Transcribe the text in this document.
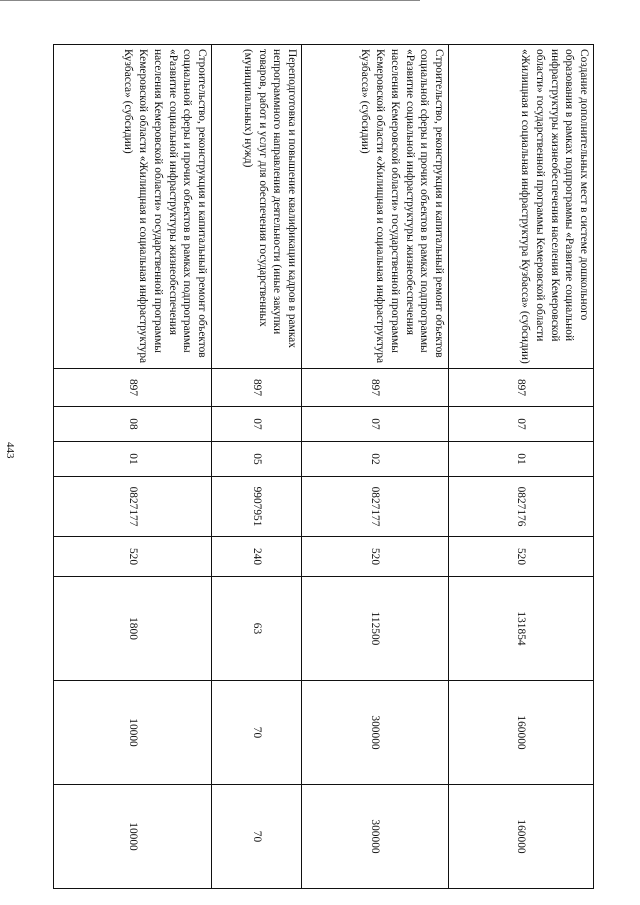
443
Создание дополнительных мест в системе дошкольного образования в рамках подпрограммы «Развитие социальной инфраструктуры жизнеобеспечения населения Кемеровской области» государственной программы Кемеровской области «Жилищная и социальная инфраструктура Кузбасса» (субсидии)	897	07	01	0827176	520	131854	160000	160000
Строительство, реконструкция и капитальный ремонт объектов социальной сферы и прочих объектов в рамках подпрограммы «Развитие социальной инфраструктуры жизнеобеспечения населения Кемеровской области» государственной программы Кемеровской области «Жилищная и социальная инфраструктура Кузбасса» (субсидии)	897	07	02	0827177	520	112500	300000	300000
Переподготовка и повышение квалификации кадров в рамках непрограммного направления деятельности (иные закупки товаров, работ и услуг для обеспечения государственных (муниципальных) нужд)	897	07	05	9907951	240	63	70	70
Строительство, реконструкция и капитальный ремонт объектов социальной сферы и прочих объектов в рамках подпрограммы «Развитие социальной инфраструктуры жизнеобеспечения населения Кемеровской области» государственной программы Кемеровской области «Жилищная и социальная инфраструктура Кузбасса» (субсидии)	897	08	01	0827177	520	1800	10000	10000
